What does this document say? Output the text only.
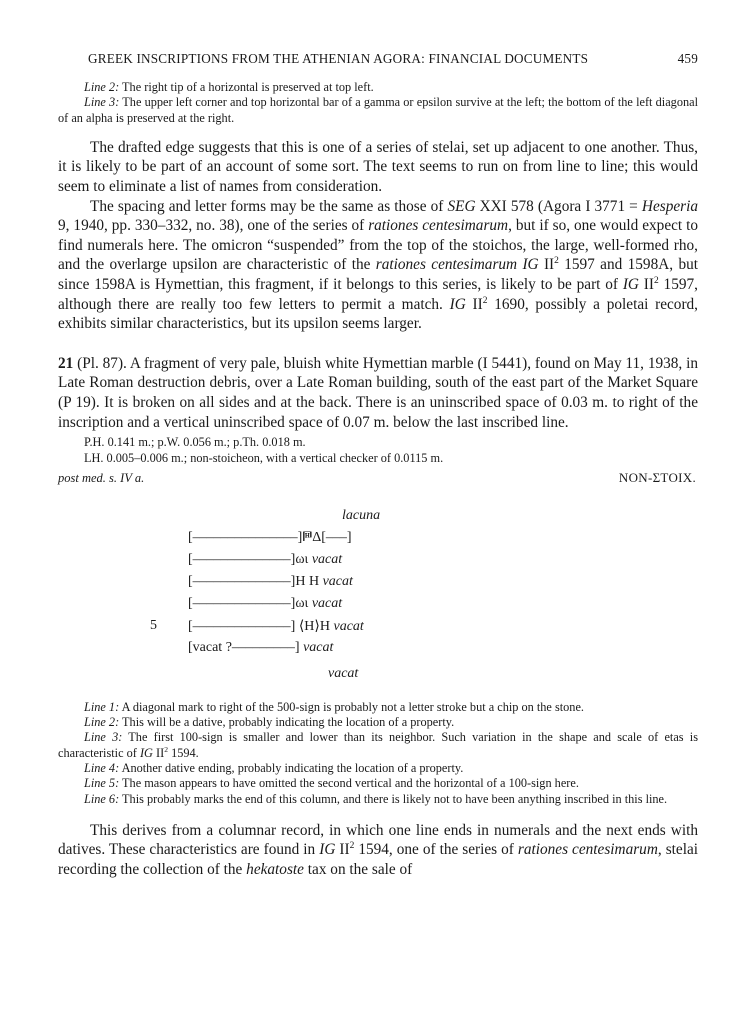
GREEK INSCRIPTIONS FROM THE ATHENIAN AGORA: FINANCIAL DOCUMENTS	459

Line 2: The right tip of a horizontal is preserved at top left.

Line 3: The upper left corner and top horizontal bar of a gamma or epsilon survive at the left; the bottom of the left diagonal of an alpha is preserved at the right.

The drafted edge suggests that this is one of a series of stelai, set up adjacent to one another. Thus, it is likely to be part of an account of some sort. The text seems to run on from line to line; this would seem to eliminate a list of names from consideration.

The spacing and letter forms may be the same as those of SEG XXI 578 (Agora I 3771 = Hesperia 9, 1940, pp. 330–332, no. 38), one of the series of rationes centesimarum, but if so, one would expect to find numerals here. The omicron “suspended” from the top of the stoichos, the large, well-formed rho, and the overlarge upsilon are characteristic of the rationes centesimarum IG $II^2$ 1597 and 1598A, but since 1598A is Hymettian, this fragment, if it belongs to this series, is likely to be part of IG $II^2$ 1597, although there are really too few letters to permit a match. IG $II^2$ 1690, possibly a poletai record, exhibits similar characteristics, but its upsilon seems larger.

21 (Pl. 87). A fragment of very pale, bluish white Hymettian marble (I 5441), found on May 11, 1938, in Late Roman destruction debris, over a Late Roman building, south of the east part of the Market Square (P 19). It is broken on all sides and at the back. There is an uninscribed space of 0.03 m. to right of the inscription and a vertical uninscribed space of 0.07 m. below the last inscribed line.

P.H. 0.141 m.; p.W. 0.056 m.; p.Th. 0.018 m.
LH. 0.005–0.006 m.; non-stoicheon, with a vertical checker of 0.0115 m.
post med. s. IV a.	NON-ΣΤΟΙΧ.
lacuna
[–––––––––––––––]𐅅Δ[–––]
[––––––––––––––]ωι vacat
[––––––––––––––]Η Η vacat
[––––––––––––––]ωι vacat
5 [––––––––––––––] ⟨Η⟩Η vacat
[vacat ?–––––––––] vacat
vacat

Line 1: A diagonal mark to right of the 500-sign is probably not a letter stroke but a chip on the stone.

Line 2: This will be a dative, probably indicating the location of a property.

Line 3: The first 100-sign is smaller and lower than its neighbor. Such variation in the shape and scale of etas is characteristic of IG $II^2$ 1594.

Line 4: Another dative ending, probably indicating the location of a property.

Line 5: The mason appears to have omitted the second vertical and the horizontal of a 100-sign here.

Line 6: This probably marks the end of this column, and there is likely not to have been anything inscribed in this line.

This derives from a columnar record, in which one line ends in numerals and the next ends with datives. These characteristics are found in IG $II^2$ 1594, one of the series of rationes centesimarum, stelai recording the collection of the hekatoste tax on the sale of
